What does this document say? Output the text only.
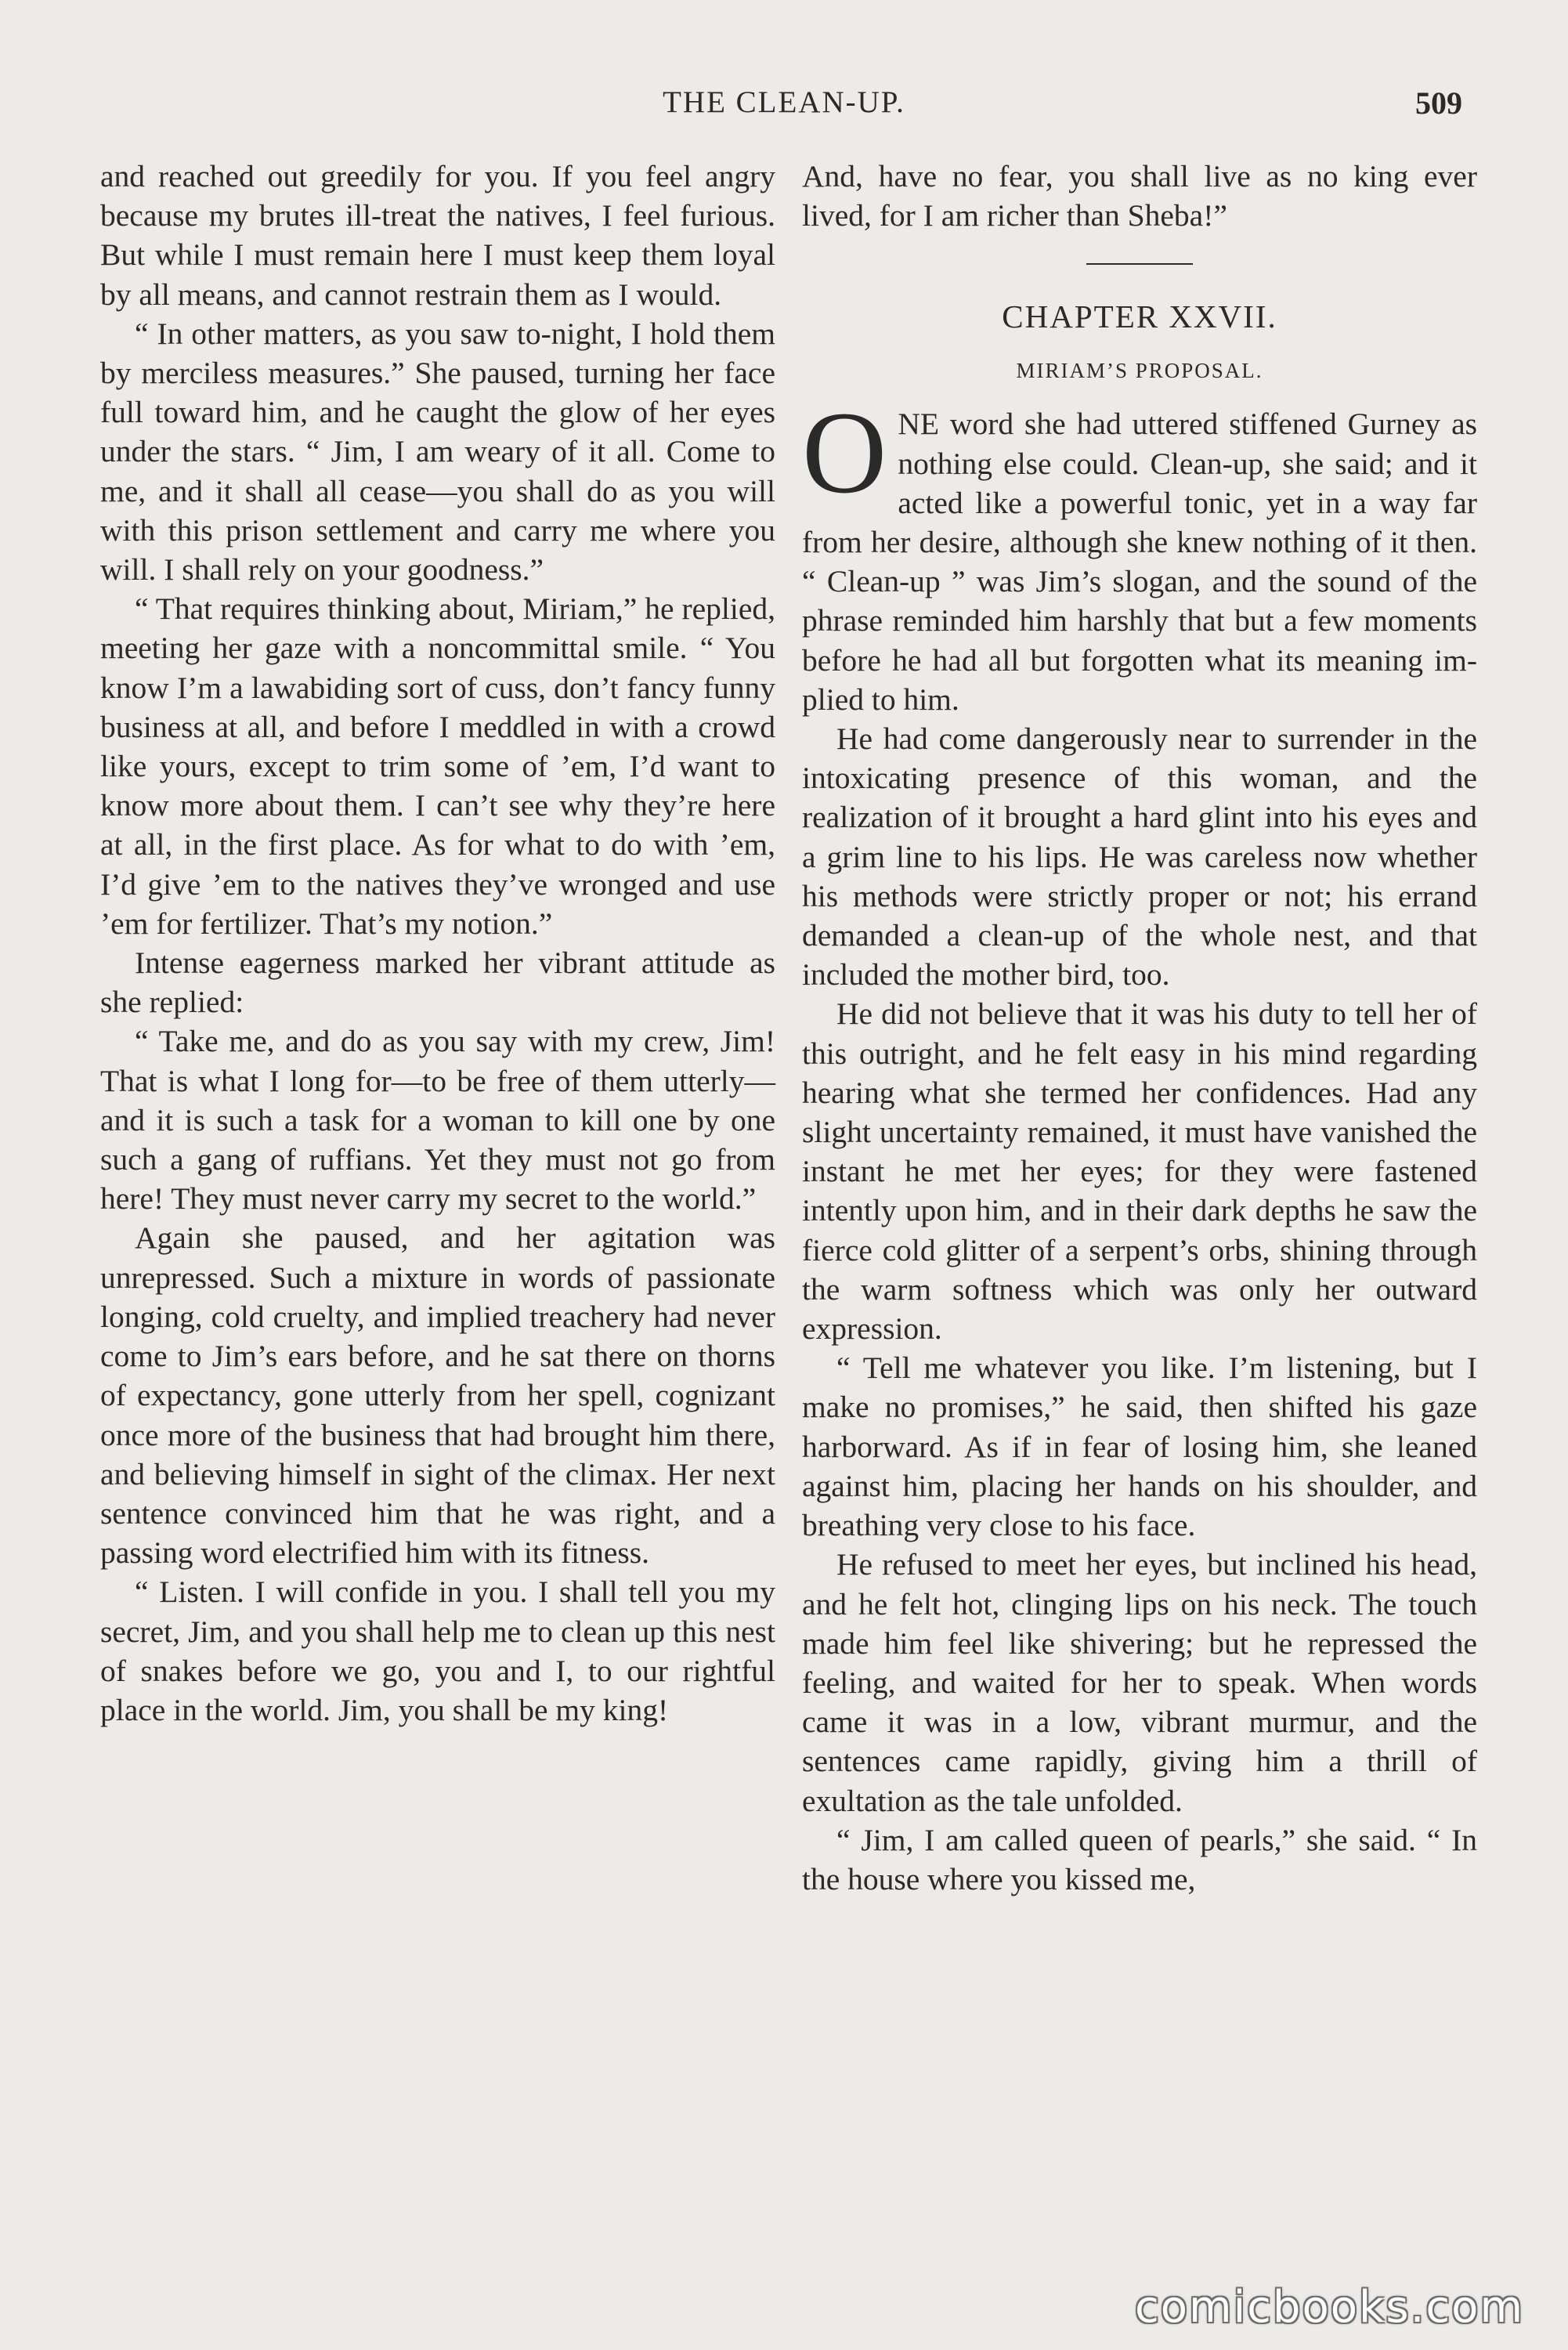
THE CLEAN-UP.	509

and reached out greedily for you. If you feel angry because my brutes ill-treat the natives, I feel furious. But while I must remain here I must keep them loyal by all means, and cannot restrain them as I would.

“ In other matters, as you saw to-night, I hold them by merciless measures.” She paused, turning her face full toward him, and he caught the glow of her eyes under the stars. “ Jim, I am weary of it all. Come to me, and it shall all cease—you shall do as you will with this prison settlement and carry me where you will. I shall rely on your goodness.”

“ That requires thinking about, Miriam,” he replied, meeting her gaze with a noncommittal smile. “ You know I’m a lawabiding sort of cuss, don’t fancy funny business at all, and before I meddled in with a crowd like yours, except to trim some of ’em, I’d want to know more about them. I can’t see why they’re here at all, in the first place. As for what to do with ’em, I’d give ’em to the natives they’ve wronged and use ’em for fertilizer. That’s my notion.”

Intense eagerness marked her vibrant attitude as she replied:

“ Take me, and do as you say with my crew, Jim! That is what I long for—to be free of them utterly—and it is such a task for a woman to kill one by one such a gang of ruffians. Yet they must not go from here! They must never carry my secret to the world.”

Again she paused, and her agitation was unrepressed. Such a mixture in words of passionate longing, cold cruelty, and implied treachery had never come to Jim’s ears before, and he sat there on thorns of expectancy, gone utterly from her spell, cognizant once more of the business that had brought him there, and believing himself in sight of the climax. Her next sentence convinced him that he was right, and a passing word electrified him with its fitness.

“ Listen. I will confide in you. I shall tell you my secret, Jim, and you shall help me to clean up this nest of snakes before we go, you and I, to our rightful place in the world. Jim, you shall be my king!

And, have no fear, you shall live as no king ever lived, for I am richer than Sheba!”

CHAPTER XXVII.
MIRIAM’S PROPOSAL.

ONE word she had uttered stiffened Gurney as nothing else could. Clean-up, she said; and it acted like a powerful tonic, yet in a way far from her desire, although she knew nothing of it then. “ Clean-up ” was Jim’s slogan, and the sound of the phrase reminded him harshly that but a few moments before he had all but forgotten what its meaning implied to him.

He had come dangerously near to surrender in the intoxicating presence of this woman, and the realization of it brought a hard glint into his eyes and a grim line to his lips. He was careless now whether his methods were strictly proper or not; his errand demanded a clean-up of the whole nest, and that included the mother bird, too.

He did not believe that it was his duty to tell her of this outright, and he felt easy in his mind regarding hearing what she termed her confidences. Had any slight uncertainty remained, it must have vanished the instant he met her eyes; for they were fastened intently upon him, and in their dark depths he saw the fierce cold glitter of a serpent’s orbs, shining through the warm softness which was only her outward expression.

“ Tell me whatever you like. I’m listening, but I make no promises,” he said, then shifted his gaze harborward. As if in fear of losing him, she leaned against him, placing her hands on his shoulder, and breathing very close to his face.

He refused to meet her eyes, but inclined his head, and he felt hot, clinging lips on his neck. The touch made him feel like shivering; but he repressed the feeling, and waited for her to speak. When words came it was in a low, vibrant murmur, and the sentences came rapidly, giving him a thrill of exultation as the tale unfolded.

“ Jim, I am called queen of pearls,” she said. “ In the house where you kissed me,

comicbooks.com
